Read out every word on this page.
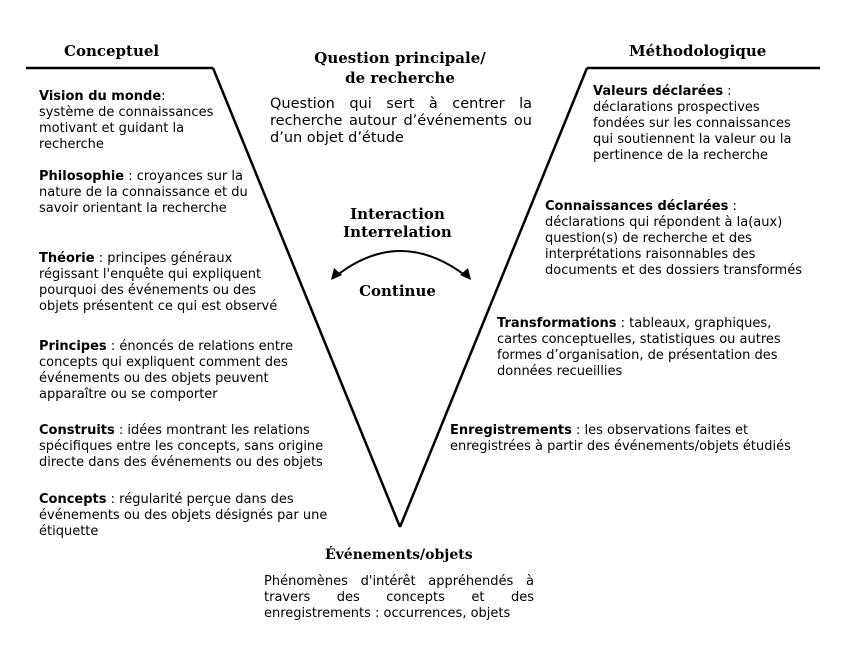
Conceptuel	Méthodologique
Question principale/
de recherche
Question qui sert à centrer la recherche autour d’événements ou d’un objet d’étude
Interaction
Interrelation
Continue
Vision du monde:
système de connaissances motivant et guidant la recherche
Philosophie : croyances sur la nature de la connaissance et du savoir orientant la recherche
Théorie : principes généraux régissant l'enquête qui expliquent pourquoi des événements ou des objets présentent ce qui est observé
Principes : énoncés de relations entre concepts qui expliquent comment des événements ou des objets peuvent apparaître ou se comporter
Construits : idées montrant les relations spécifiques entre les concepts, sans origine directe dans des événements ou des objets
Concepts : régularité perçue dans des événements ou des objets désignés par une étiquette
Valeurs déclarées :
déclarations prospectives fondées sur les connaissances qui soutiennent la valeur ou la pertinence de la recherche
Connaissances déclarées :
déclarations qui répondent à la(aux) question(s) de recherche et des interprétations raisonnables des documents et des dossiers transformés
Transformations : tableaux, graphiques, cartes conceptuelles, statistiques ou autres formes d’organisation, de présentation des données recueillies
Enregistrements : les observations faites et enregistrées à partir des événements/objets étudiés
Événements/objets
Phénomènes d'intérêt appréhendés à travers des concepts et des enregistrements : occurrences, objets
